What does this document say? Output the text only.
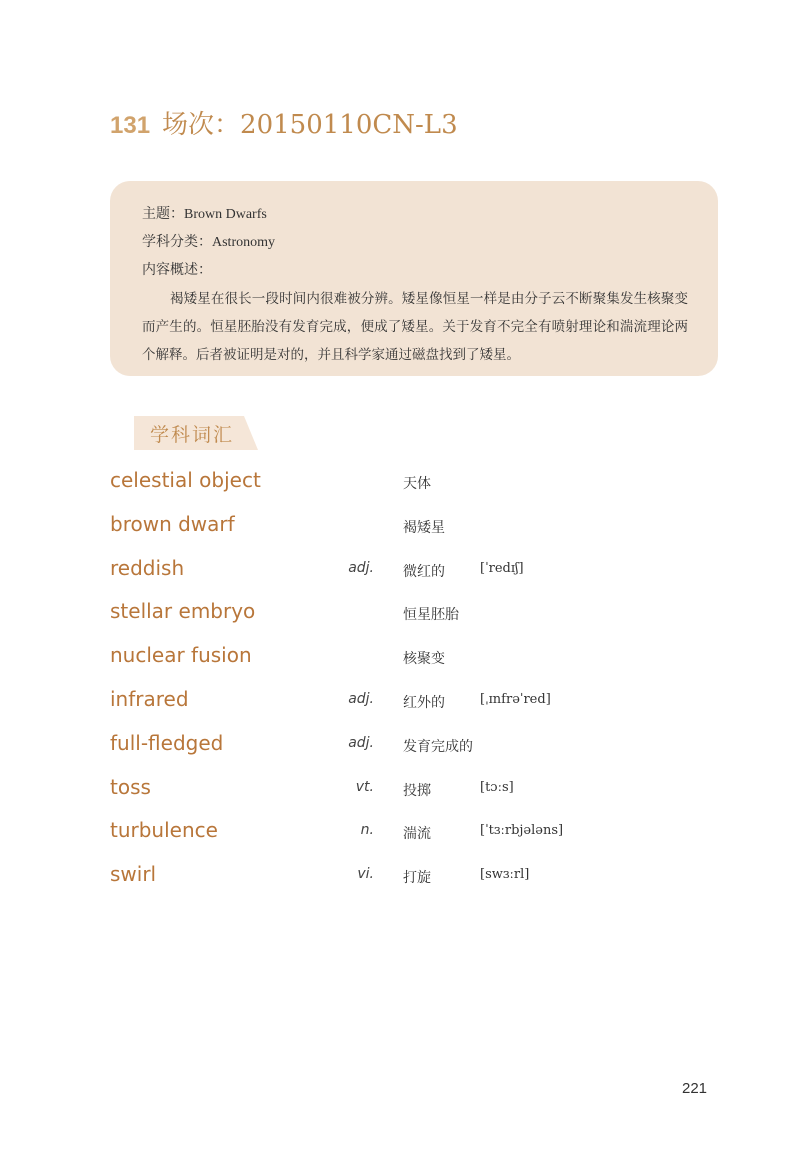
131 场次：20150110CN-L3
主题：Brown Dwarfs
学科分类：Astronomy
内容概述：

褐矮星在很长一段时间内很难被分辨。矮星像恒星一样是由分子云不断聚集发生核聚变而产生的。恒星胚胎没有发育完成，便成了矮星。关于发育不完全有喷射理论和湍流理论两个解释。后者被证明是对的，并且科学家通过磁盘找到了矮星。

学科词汇
celestial object	天体
brown dwarf	褐矮星
reddish	adj. 微红的	[ˈredɪʃ]
stellar embryo	恒星胚胎
nuclear fusion	核聚变
infrared	adj. 红外的	[ˌɪnfrəˈred]
full-fledged	adj. 发育完成的
toss	vt. 投掷	[tɔːs]
turbulence	n. 湍流	[ˈtɜːrbjələns]
swirl	vi. 打旋	[swɜːrl]
221
